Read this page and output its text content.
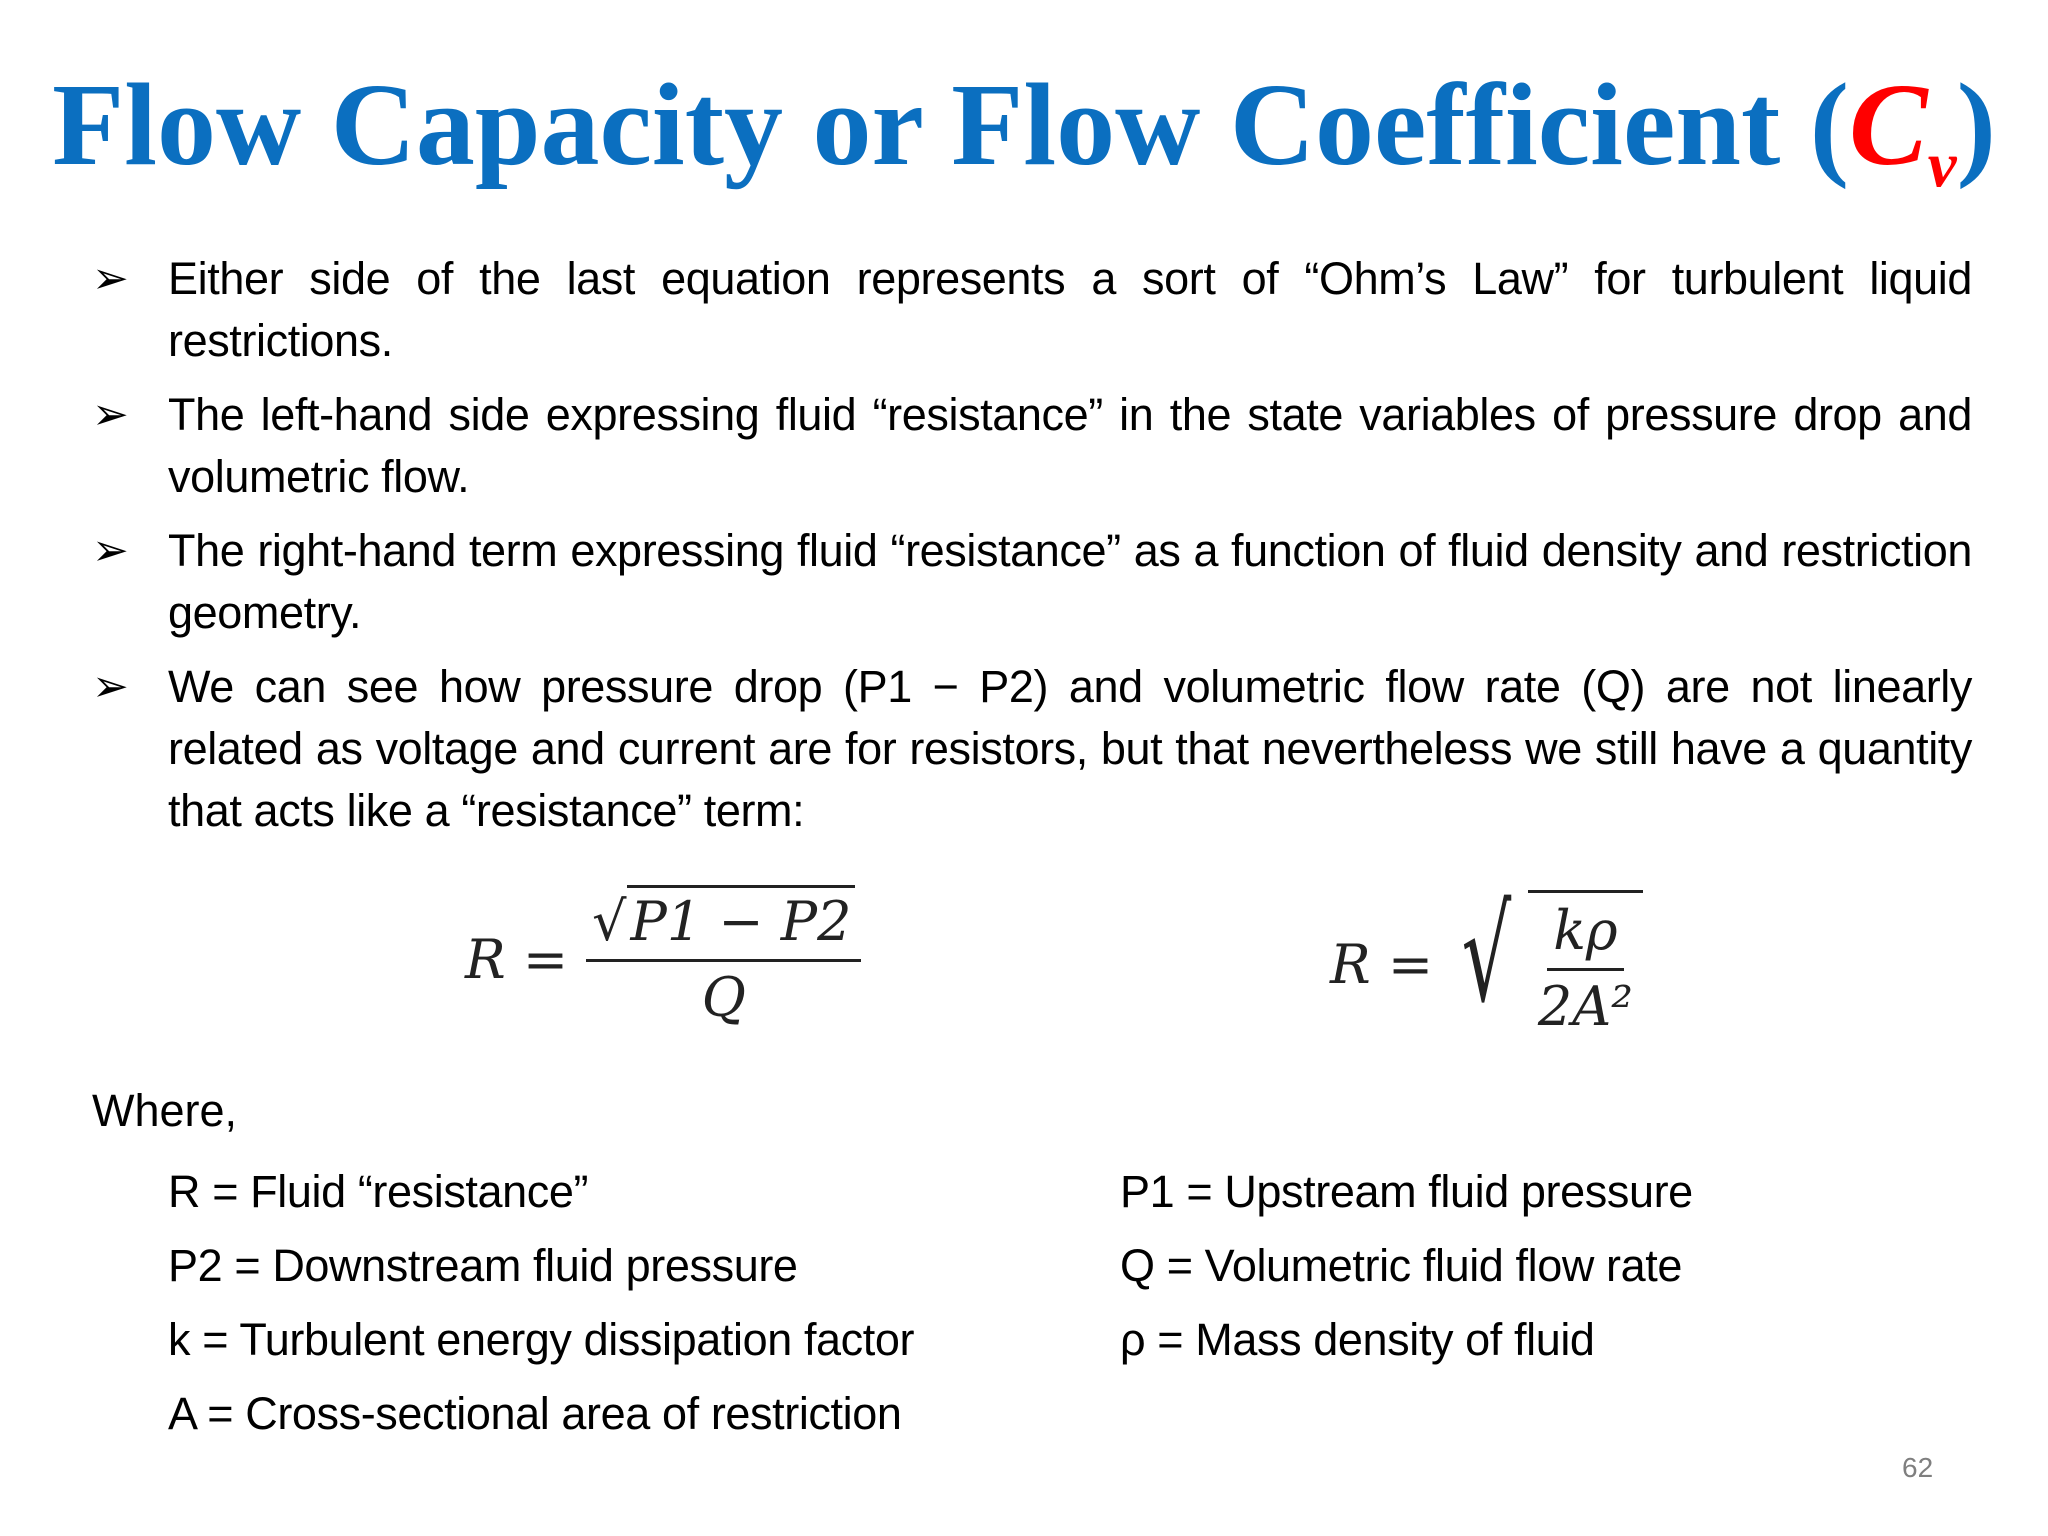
Flow Capacity or Flow Coefficient $(C_v)$
➢ Either side of the last equation represents a sort of “Ohm’s Law” for turbulent liquid restrictions.
➢ The left-hand side expressing fluid “resistance” in the state variables of pressure drop and volumetric flow.
➢ The right-hand term expressing fluid “resistance” as a function of fluid density and restriction geometry.
➢ We can see how pressure drop (P1 − P2) and volumetric flow rate (Q) are not linearly related as voltage and current are for resistors, but that nevertheless we still have a quantity that acts like a “resistance” term:
$R = \frac{√P1 - P2}{Q}$	R = √ $\frac{k\rho}{\text{2A²}}$
Where,
R = Fluid “resistance”
P2 = Downstream fluid pressure
k = Turbulent energy dissipation factor
A = Cross-sectional area of restriction
P1 = Upstream fluid pressure
Q = Volumetric fluid flow rate
ρ = Mass density of fluid
62
